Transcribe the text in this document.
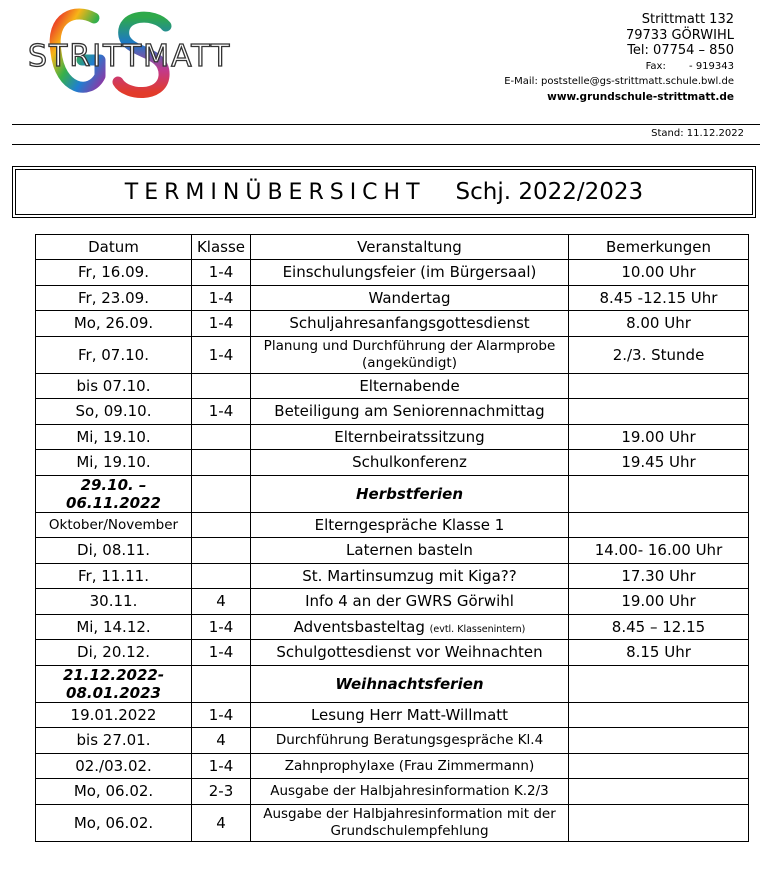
STRITTMATT
Strittmatt 132
79733 GÖRWIHL
Tel: 07754 – 850
Fax: - 919343
E-Mail: poststelle@gs-strittmatt.schule.bwl.de
www.grundschule-strittmatt.de
Stand: 11.12.2022
TERMINÜBERSICHT Schj. 2022/2023
Datum	Klasse	Veranstaltung	Bemerkungen
Fr, 16.09.	1-4	Einschulungsfeier (im Bürgersaal)	10.00 Uhr
Fr, 23.09.	1-4	Wandertag	8.45 -12.15 Uhr
Mo, 26.09.	1-4	Schuljahresanfangsgottesdienst	8.00 Uhr
Fr, 07.10.	1-4	Planung und Durchführung der Alarmprobe (angekündigt)	2./3. Stunde
bis 07.10.		Elternabende	
So, 09.10.	1-4	Beteiligung am Seniorennachmittag	
Mi, 19.10.		Elternbeiratssitzung	19.00 Uhr
Mi, 19.10.		Schulkonferenz	19.45 Uhr
29.10. – 06.11.2022		Herbstferien	
Oktober/November		Elterngespräche Klasse 1	
Di, 08.11.		Laternen basteln	14.00- 16.00 Uhr
Fr, 11.11.		St. Martinsumzug mit Kiga??	17.30 Uhr
30.11.	4	Info 4 an der GWRS Görwihl	19.00 Uhr
Mi, 14.12.	1-4	Adventsbasteltag (evtl. Klassenintern)	8.45 – 12.15
Di, 20.12.	1-4	Schulgottesdienst vor Weihnachten	8.15 Uhr
21.12.2022- 08.01.2023		Weihnachtsferien	
19.01.2022	1-4	Lesung Herr Matt-Willmatt	
bis 27.01.	4	Durchführung Beratungsgespräche Kl.4	
02./03.02.	1-4	Zahnprophylaxe (Frau Zimmermann)	
Mo, 06.02.	2-3	Ausgabe der Halbjahresinformation K.2/3	
Mo, 06.02.	4	Ausgabe der Halbjahresinformation mit der Grundschulempfehlung	
